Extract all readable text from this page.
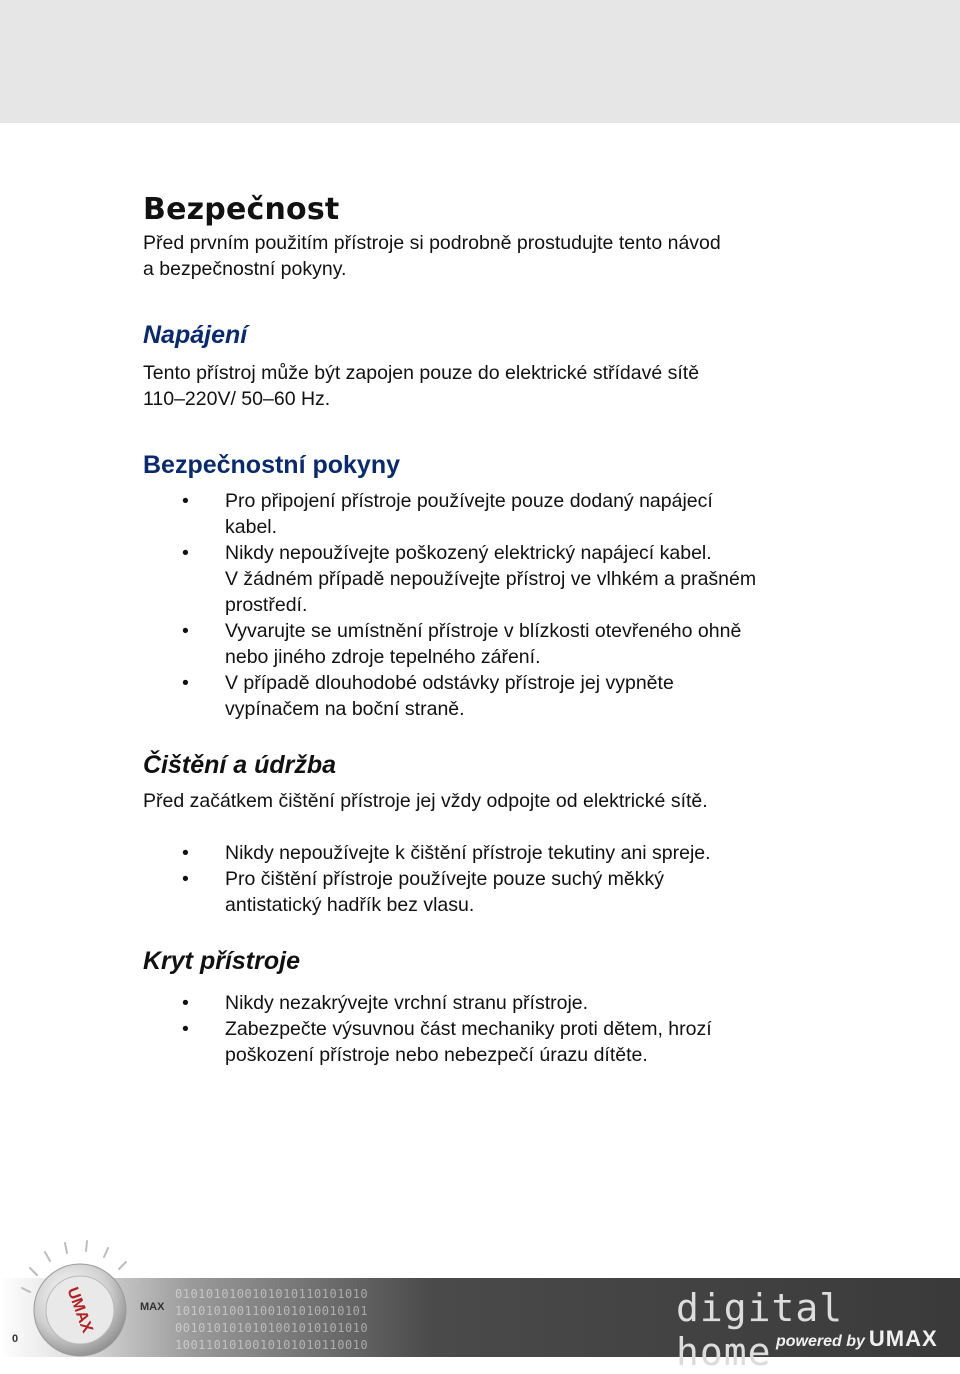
Bezpečnost

Před prvním použitím přístroje si podrobně prostudujte tento návod

a bezpečnostní pokyny.

Napájení

Tento přístroj může být zapojen pouze do elektrické střídavé sítě

110–220V/ 50–60 Hz.

Bezpečnostní pokyny
• Pro připojení přístroje používejte pouze dodaný napájecí
kabel.
• Nikdy nepoužívejte poškozený elektrický napájecí kabel.
V žádném případě nepoužívejte přístroj ve vlhkém a prašném
prostředí.
• Vyvarujte se umístnění přístroje v blízkosti otevřeného ohně
nebo jiného zdroje tepelného záření.
• V případě dlouhodobé odstávky přístroje jej vypněte
vypínačem na boční straně.
Čištění a údržba

Před začátkem čištění přístroje jej vždy odpojte od elektrické sítě.

• Nikdy nepoužívejte k čištění přístroje tekutiny ani spreje.
• Pro čištění přístroje používejte pouze suchý měkký
antistatický hadřík bez vlasu.
Kryt přístroje
• Nikdy nezakrývejte vrchní stranu přístroje.
• Zabezpečte výsuvnou část mechaniky proti dětem, hrozí
poškození přístroje nebo nebezpečí úrazu dítěte.
0101010100101010110101010
1010101001100101010010101
0010101010101001010101010
1001101010010101010110010
UMAX
0
MAX	digital home powered by UMAX
